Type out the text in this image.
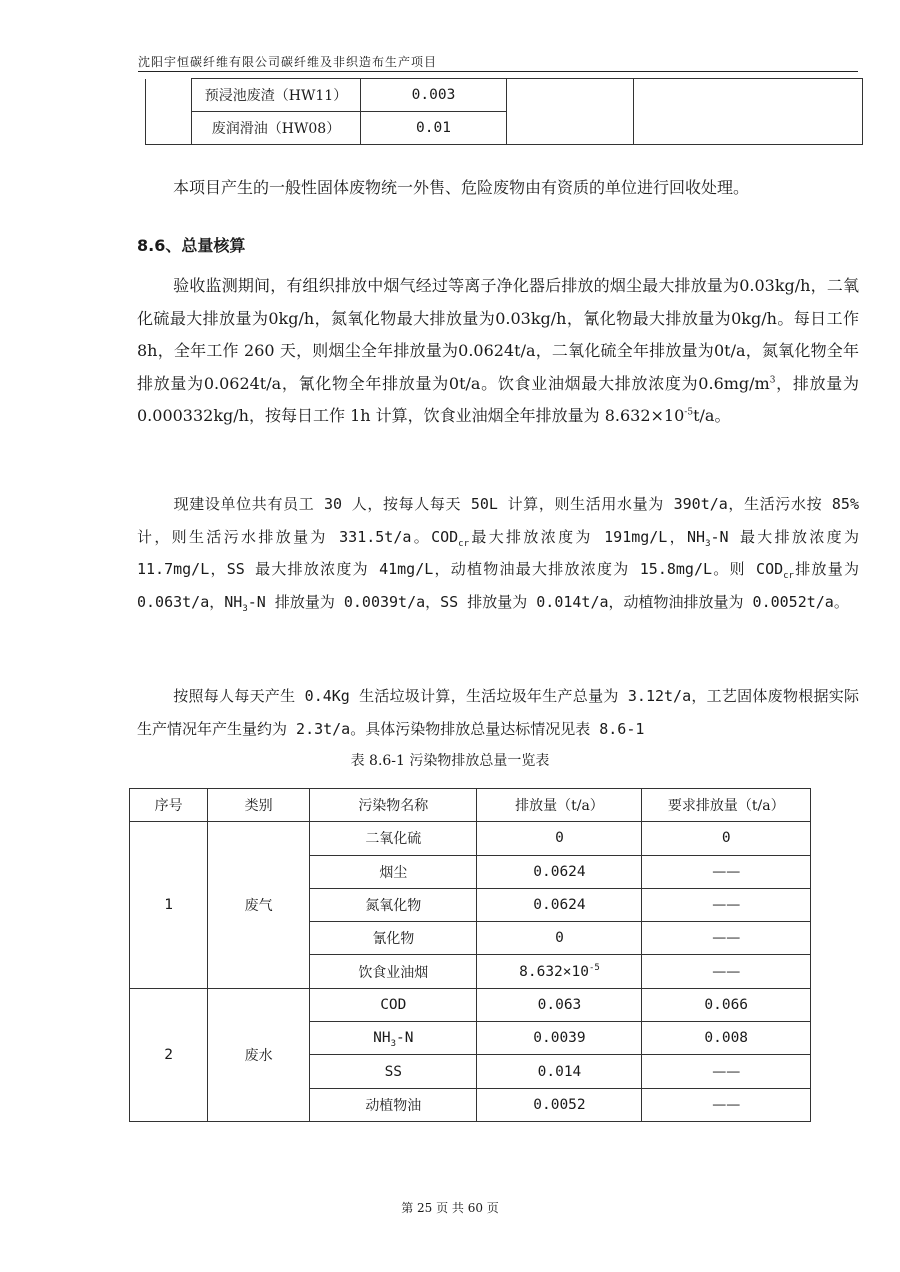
沈阳宇恒碳纤维有限公司碳纤维及非织造布生产项目
	预浸池废渣（HW11）	0.003		
	废润滑油（HW08）	0.01		

本项目产生的一般性固体废物统一外售、危险废物由有资质的单位进行回收处理。

8.6、总量核算

验收监测期间，有组织排放中烟气经过等离子净化器后排放的烟尘最大排放量为0.03kg/h，二氧化硫最大排放量为0kg/h，氮氧化物最大排放量为0.03kg/h，氰化物最大排放量为0kg/h。每日工作 8h，全年工作 260 天，则烟尘全年排放量为0.0624t/a，二氧化硫全年排放量为0t/a，氮氧化物全年排放量为0.0624t/a，氰化物全年排放量为0t/a。饮食业油烟最大排放浓度为$0.6mg/m^3$，排放量为0.000332kg/h，按每日工作 1h 计算，饮食业油烟全年排放量为 $8.632\times 10^{-5}t/a$。

现建设单位共有员工 30 人，按每人每天 50L 计算，则生活用水量为 390t/a，生活污水按 85%计，则生活污水排放量为 331.5t/a。$COD_{cr}$最大排放浓度为 191mg/L，$NH_3-N$ 最大排放浓度为 11.7mg/L，SS 最大排放浓度为 41mg/L，动植物油最大排放浓度为 15.8mg/L。则 $COD_{cr}$排放量为 0.063t/a，$NH_3-N$ 排放量为 0.0039t/a，SS 排放量为 0.014t/a，动植物油排放量为 0.0052t/a。

按照每人每天产生 0.4Kg 生活垃圾计算，生活垃圾年生产总量为 3.12t/a，工艺固体废物根据实际生产情况年产生量约为 2.3t/a。具体污染物排放总量达标情况见表 8.6-1

表 8.6-1 污染物排放总量一览表
序号	类别	污染物名称	排放量（t/a）	要求排放量（t/a）
1	废气	二氧化硫	0	0
		烟尘	0.0624	——
		氮氧化物	0.0624	——
		氰化物	0	——
		饮食业油烟	$8.632\times 10^{-5}$	——
2	废水	COD	0.063	0.066
		$NH_3-N$	0.0039	0.008
		SS	0.014	——
		动植物油	0.0052	——
第 25 页 共 60 页
